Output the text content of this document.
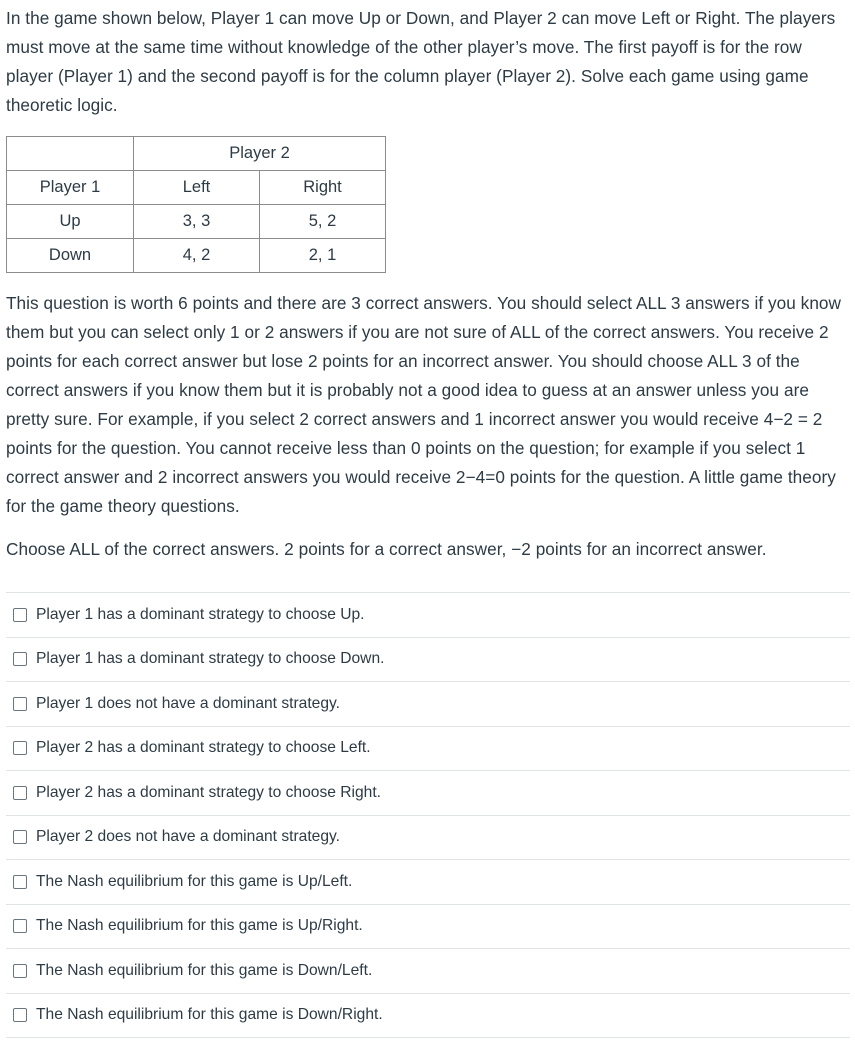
In the game shown below, Player 1 can move Up or Down, and Player 2 can move Left or Right. The players must move at the same time without knowledge of the other player’s move. The first payoff is for the row player (Player 1) and the second payoff is for the column player (Player 2). Solve each game using game theoretic logic.

	Player 2	
Player 1	Left	Right
Up	3, 3	5, 2
Down	4, 2	2, 1

This question is worth 6 points and there are 3 correct answers. You should select ALL 3 answers if you know them but you can select only 1 or 2 answers if you are not sure of ALL of the correct answers. You receive 2 points for each correct answer but lose 2 points for an incorrect answer. You should choose ALL 3 of the correct answers if you know them but it is probably not a good idea to guess at an answer unless you are pretty sure. For example, if you select 2 correct answers and 1 incorrect answer you would receive 4−2 = 2 points for the question. You cannot receive less than 0 points on the question; for example if you select 1 correct answer and 2 incorrect answers you would receive 2−4=0 points for the question. A little game theory for the game theory questions.

Choose ALL of the correct answers. 2 points for a correct answer, −2 points for an incorrect answer.

Player 1 has a dominant strategy to choose Up.
Player 1 has a dominant strategy to choose Down.
Player 1 does not have a dominant strategy.
Player 2 has a dominant strategy to choose Left.
Player 2 has a dominant strategy to choose Right.
Player 2 does not have a dominant strategy.
The Nash equilibrium for this game is Up/Left.
The Nash equilibrium for this game is Up/Right.
The Nash equilibrium for this game is Down/Left.
The Nash equilibrium for this game is Down/Right.
